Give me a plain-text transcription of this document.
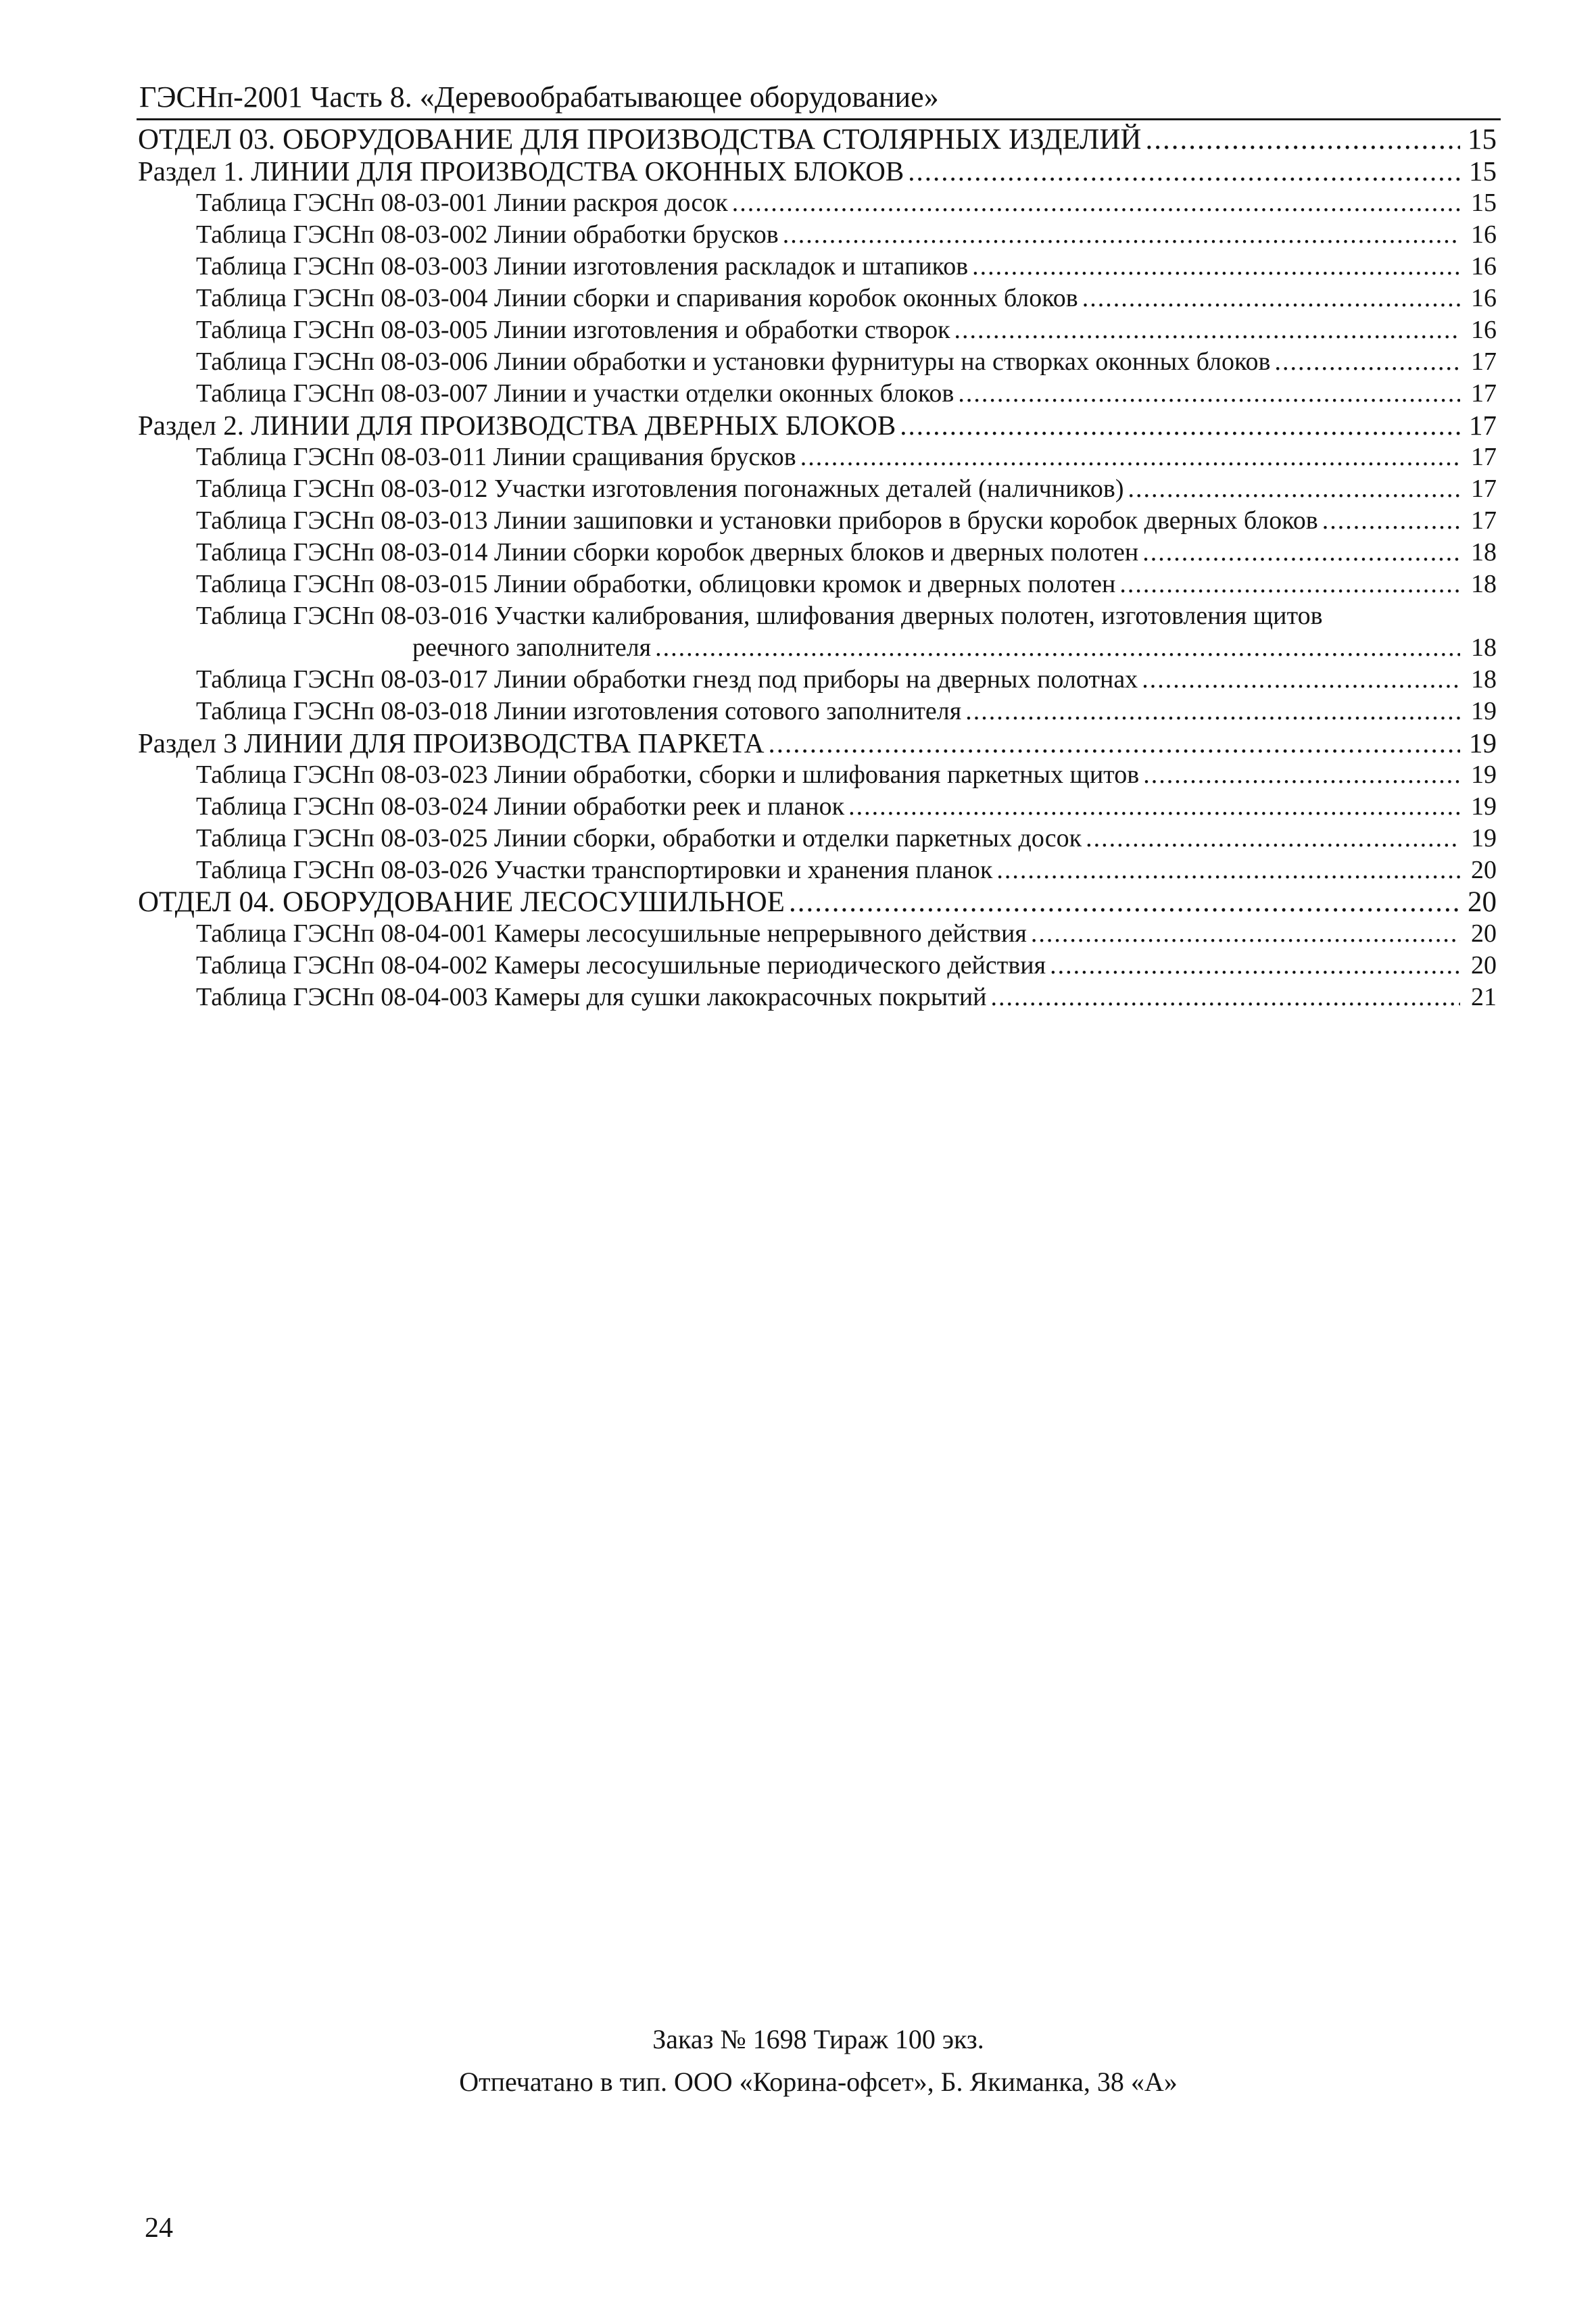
ГЭСНп-2001 Часть 8. «Деревообрабатывающее оборудование»
ОТДЕЛ 03. ОБОРУДОВАНИЕ ДЛЯ ПРОИЗВОДСТВА СТОЛЯРНЫХ ИЗДЕЛИЙ .....	15
Раздел 1. ЛИНИИ ДЛЯ ПРОИЗВОДСТВА ОКОННЫХ БЛОКОВ .....	15
Таблица ГЭСНп 08-03-001 Линии раскроя досок .....	15
Таблица ГЭСНп 08-03-002 Линии обработки брусков .....	16
Таблица ГЭСНп 08-03-003 Линии изготовления раскладок и штапиков .....	16
Таблица ГЭСНп 08-03-004 Линии сборки и спаривания коробок оконных блоков .....	16
Таблица ГЭСНп 08-03-005 Линии изготовления и обработки створок .....	16
Таблица ГЭСНп 08-03-006 Линии обработки и установки фурнитуры на створках оконных блоков .....	17
Таблица ГЭСНп 08-03-007 Линии и участки отделки оконных блоков .....	17
Раздел 2. ЛИНИИ ДЛЯ ПРОИЗВОДСТВА ДВЕРНЫХ БЛОКОВ .....	17
Таблица ГЭСНп 08-03-011 Линии сращивания брусков .....	17
Таблица ГЭСНп 08-03-012 Участки изготовления погонажных деталей (наличников) .....	17
Таблица ГЭСНп 08-03-013 Линии зашиповки и установки приборов в бруски коробок дверных блоков .....	17
Таблица ГЭСНп 08-03-014 Линии сборки коробок дверных блоков и дверных полотен .....	18
Таблица ГЭСНп 08-03-015 Линии обработки, облицовки кромок и дверных полотен .....	18
Таблица ГЭСНп 08-03-016 Участки калибрования, шлифования дверных полотен, изготовления щитов
реечного заполнителя .....	18
Таблица ГЭСНп 08-03-017 Линии обработки гнезд под приборы на дверных полотнах .....	18
Таблица ГЭСНп 08-03-018 Линии изготовления сотового заполнителя .....	19
Раздел 3 ЛИНИИ ДЛЯ ПРОИЗВОДСТВА ПАРКЕТА .....	19
Таблица ГЭСНп 08-03-023 Линии обработки, сборки и шлифования паркетных щитов .....	19
Таблица ГЭСНп 08-03-024 Линии обработки реек и планок .....	19
Таблица ГЭСНп 08-03-025 Линии сборки, обработки и отделки паркетных досок .....	19
Таблица ГЭСНп 08-03-026 Участки транспортировки и хранения планок .....	20
ОТДЕЛ 04. ОБОРУДОВАНИЕ ЛЕСОСУШИЛЬНОЕ .....	20
Таблица ГЭСНп 08-04-001 Камеры лесосушильные непрерывного действия .....	20
Таблица ГЭСНп 08-04-002 Камеры лесосушильные периодического действия .....	20
Таблица ГЭСНп 08-04-003 Камеры для сушки лакокрасочных покрытий .....	21
Заказ № 1698 Тираж 100 экз.
Отпечатано в тип. ООО «Корина-офсет», Б. Якиманка, 38 «А»
24
